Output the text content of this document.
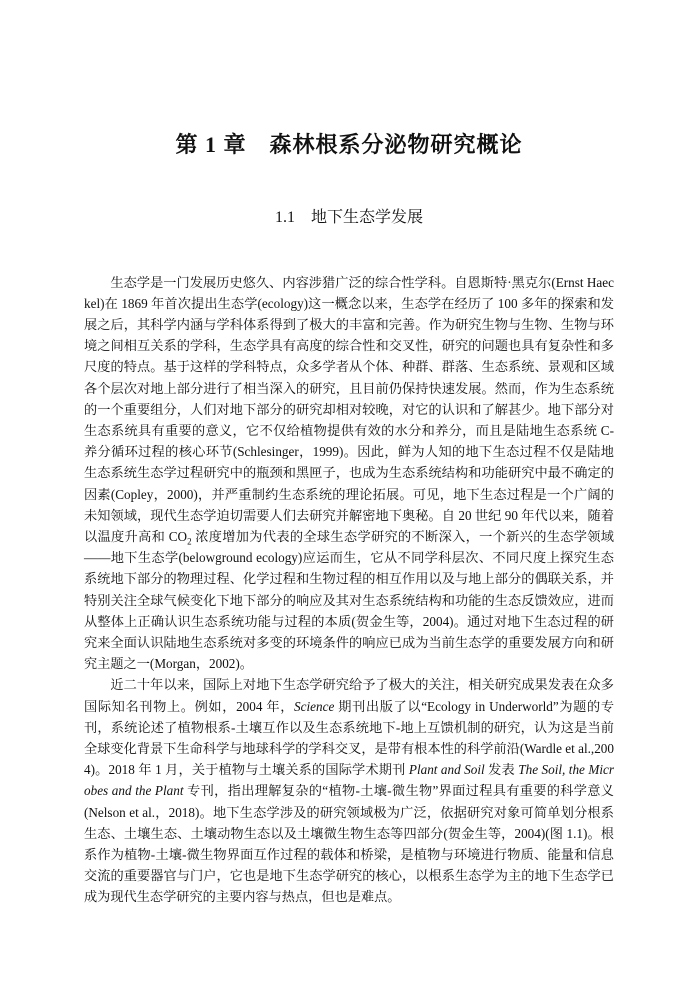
第 1 章　森林根系分泌物研究概论
1.1　地下生态学发展

生态学是一门发展历史悠久、内容涉猎广泛的综合性学科。自恩斯特·黑克尔(Ernst Haeckel)在 1869 年首次提出生态学(ecology)这一概念以来，生态学在经历了 100 多年的探索和发展之后，其科学内涵与学科体系得到了极大的丰富和完善。作为研究生物与生物、生物与环境之间相互关系的学科，生态学具有高度的综合性和交叉性，研究的问题也具有复杂性和多尺度的特点。基于这样的学科特点，众多学者从个体、种群、群落、生态系统、景观和区域各个层次对地上部分进行了相当深入的研究，且目前仍保持快速发展。然而，作为生态系统的一个重要组分，人们对地下部分的研究却相对较晚，对它的认识和了解甚少。地下部分对生态系统具有重要的意义，它不仅给植物提供有效的水分和养分，而且是陆地生态系统 C-养分循环过程的核心环节(Schlesinger，1999)。因此，鲜为人知的地下生态过程不仅是陆地生态系统生态学过程研究中的瓶颈和黑匣子，也成为生态系统结构和功能研究中最不确定的因素(Copley，2000)，并严重制约生态系统的理论拓展。可见，地下生态过程是一个广阔的未知领域，现代生态学迫切需要人们去研究并解密地下奥秘。自 20 世纪 90 年代以来，随着以温度升高和 $CO_2$ 浓度增加为代表的全球生态学研究的不断深入，一个新兴的生态学领域——地下生态学(belowground ecology)应运而生，它从不同学科层次、不同尺度上探究生态系统地下部分的物理过程、化学过程和生物过程的相互作用以及与地上部分的偶联关系，并特别关注全球气候变化下地下部分的响应及其对生态系统结构和功能的生态反馈效应，进而从整体上正确认识生态系统功能与过程的本质(贺金生等，2004)。通过对地下生态过程的研究来全面认识陆地生态系统对多变的环境条件的响应已成为当前生态学的重要发展方向和研究主题之一(Morgan，2002)。

近二十年以来，国际上对地下生态学研究给予了极大的关注，相关研究成果发表在众多国际知名刊物上。例如，2004 年，Science 期刊出版了以“Ecology in Underworld”为题的专刊，系统论述了植物根系-土壤互作以及生态系统地下-地上互馈机制的研究，认为这是当前全球变化背景下生命科学与地球科学的学科交叉，是带有根本性的科学前沿(Wardle et al.,2004)。2018 年 1 月，关于植物与土壤关系的国际学术期刊 Plant and Soil 发表 The Soil, the Microbes and the Plant 专刊，指出理解复杂的“植物-土壤-微生物”界面过程具有重要的科学意义(Nelson et al.，2018)。地下生态学涉及的研究领域极为广泛，依据研究对象可简单划分根系生态、土壤生态、土壤动物生态以及土壤微生物生态等四部分(贺金生等，2004)(图 1.1)。根系作为植物-土壤-微生物界面互作过程的载体和桥梁，是植物与环境进行物质、能量和信息交流的重要器官与门户，它也是地下生态学研究的核心，以根系生态学为主的地下生态学已成为现代生态学研究的主要内容与热点，但也是难点。
